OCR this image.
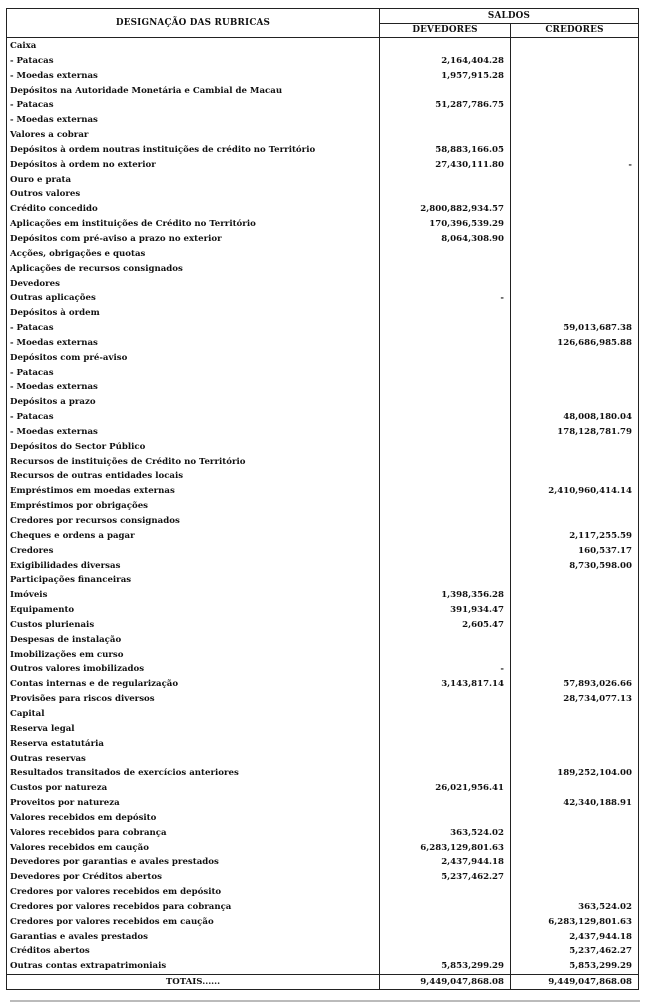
DESIGNAÇÃO DAS RUBRICAS	SALDOS	
	DEVEDORES	CREDORES
Caixa		
- Patacas	2,164,404.28	
- Moedas externas	1,957,915.28	
Depósitos na Autoridade Monetária e Cambial de Macau		
- Patacas	51,287,786.75	
- Moedas externas		
Valores a cobrar		
Depósitos à ordem noutras instituições de crédito no Território	58,883,166.05	
Depósitos à ordem no exterior	27,430,111.80	-
Ouro e prata		
Outros valores		
Crédito concedido	2,800,882,934.57	
Aplicações em instituições de Crédito no Território	170,396,539.29	
Depósitos com pré-aviso a prazo no exterior	8,064,308.90	
Acções, obrigações e quotas		
Aplicações de recursos consignados		
Devedores		
Outras aplicações	-	
Depósitos à ordem		
- Patacas		59,013,687.38
- Moedas externas		126,686,985.88
Depósitos com pré-aviso		
- Patacas		
- Moedas externas		
Depósitos a prazo		
- Patacas		48,008,180.04
- Moedas externas		178,128,781.79
Depósitos do Sector Público		
Recursos de instituições de Crédito no Território		
Recursos de outras entidades locais		
Empréstimos em moedas externas		2,410,960,414.14
Empréstimos por obrigações		
Credores por recursos consignados		
Cheques e ordens a pagar		2,117,255.59
Credores		160,537.17
Exigibilidades diversas		8,730,598.00
Participações financeiras		
Imóveis	1,398,356.28	
Equipamento	391,934.47	
Custos plurienais	2,605.47	
Despesas de instalação		
Imobilizações em curso		
Outros valores imobilizados	-	
Contas internas e de regularização	3,143,817.14	57,893,026.66
Provisões para riscos diversos		28,734,077.13
Capital		
Reserva legal		
Reserva estatutária		
Outras reservas		
Resultados transitados de exercícios anteriores		189,252,104.00
Custos por natureza	26,021,956.41	
Proveitos por natureza		42,340,188.91
Valores recebidos em depósito		
Valores recebidos para cobrança	363,524.02	
Valores recebidos em caução	6,283,129,801.63	
Devedores por garantias e avales prestados	2,437,944.18	
Devedores por Créditos abertos	5,237,462.27	
Credores por valores recebidos em depósito		
Credores por valores recebidos para cobrança		363,524.02
Credores por valores recebidos em caução		6,283,129,801.63
Garantias e avales prestados		2,437,944.18
Créditos abertos		5,237,462.27
Outras contas extrapatrimoniais	5,853,299.29	5,853,299.29
TOTAIS......	9,449,047,868.08	9,449,047,868.08
